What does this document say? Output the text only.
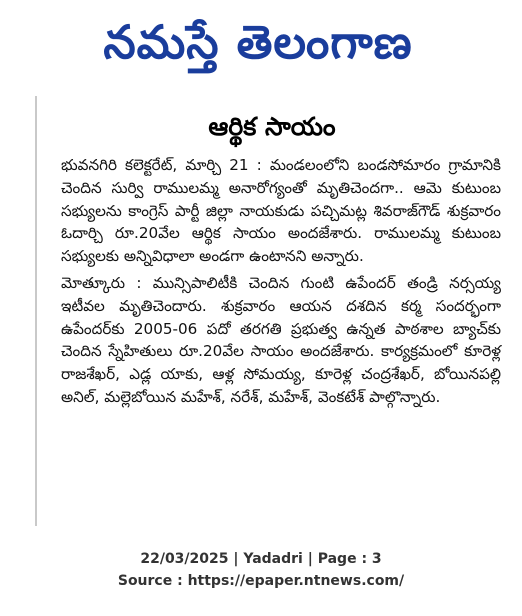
నమస్తే తెలంగాణ
ఆర్థిక సాయం

భువనగిరి కలెక్టరేట్, మార్చి 21 : మండలంలోని బండసోమారం గ్రామానికి చెందిన సుర్వి రాములమ్మ అనారోగ్యంతో మృతిచెందగా.. ఆమె కుటుంబ సభ్యులను కాంగ్రెస్ పార్టీ జిల్లా నాయకుడు పచ్చిమట్ల శివరాజ్‌గౌడ్ శుక్రవారం ఓదార్చి రూ.20వేల ఆర్థిక సాయం అందజేశారు. రాములమ్మ కుటుంబ సభ్యులకు అన్నివిధాలా అండగా ఉంటానని అన్నారు.

మోత్కూరు : మున్సిపాలిటీకి చెందిన గుంటి ఉపేందర్ తండ్రి నర్సయ్య ఇటీవల మృతిచెందారు. శుక్రవారం ఆయన దశదిన కర్మ సందర్భంగా ఉపేందర్‌కు 2005-06 పదో తరగతి ప్రభుత్వ ఉన్నత పాఠశాల బ్యాచ్‌కు చెందిన స్నేహితులు రూ.20వేల సాయం అందజేశారు. కార్యక్రమంలో కూరెళ్ల రాజశేఖర్, ఎడ్ల యాకు, ఆళ్ల సోమయ్య, కూరెళ్ల చంద్రశేఖర్, బోయినపల్లి అనిల్, మల్లెబోయిన మహేశ్, నరేశ్, మహేశ్, వెంకటేశ్ పాల్గొన్నారు.

22/03/2025 | Yadadri | Page : 3
Source : https://epaper.ntnews.com/
